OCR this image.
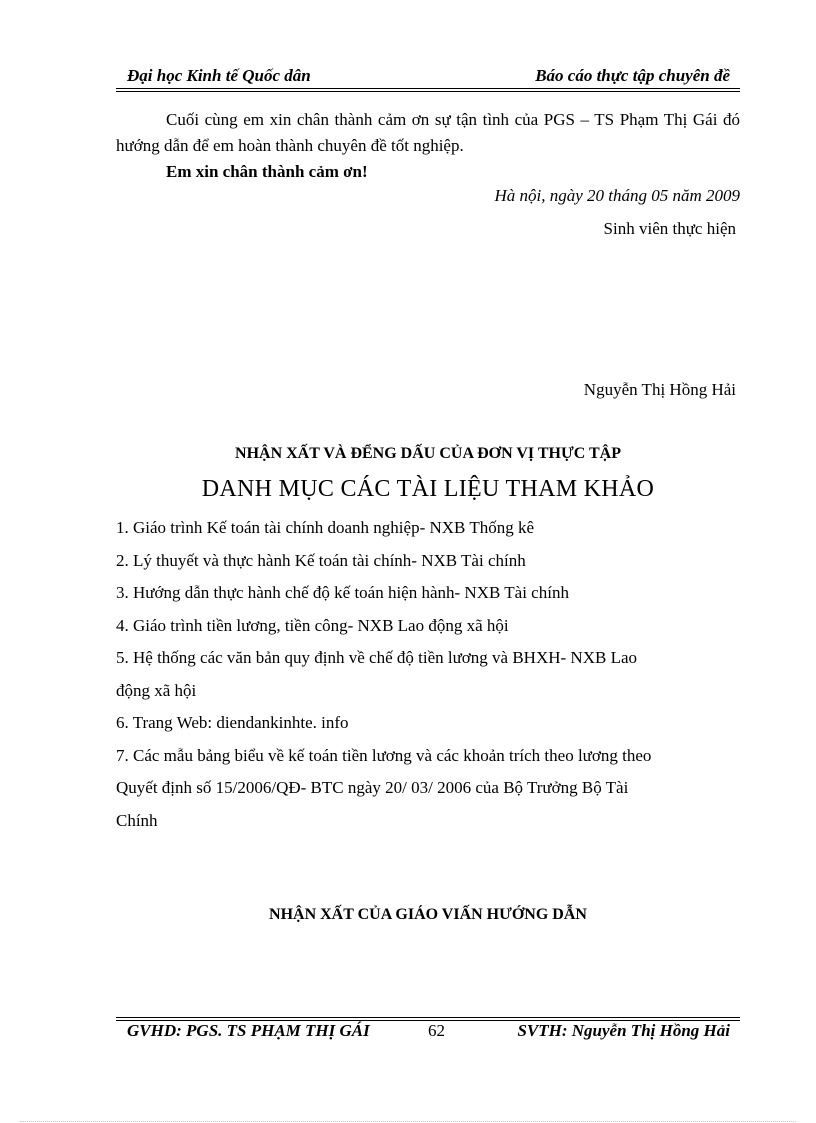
Đại học Kinh tế Quốc dân	Báo cáo thực tập chuyên đề
Cuối cùng em xin chân thành cảm ơn sự tận tình của PGS – TS Phạm Thị Gái đó hướng dẫn để em hoàn thành chuyên đề tốt nghiệp.
Em xin chân thành cảm ơn!
Hà nội, ngày 20 tháng 05 năm 2009
Sinh viên thực hiện
Nguyễn Thị Hồng Hải
NHẬN XẤT VÀ ĐỂNG DẤU CỦA ĐƠN VỊ THỰC TẬP
DANH MỤC CÁC TÀI LIỆU THAM KHẢO
1. Giáo trình Kế toán tài chính doanh nghiệp- NXB Thống kê
2. Lý thuyết và thực hành Kế toán tài chính- NXB Tài chính
3. Hướng dẫn thực hành chế độ kế toán hiện hành- NXB Tài chính
4. Giáo trình tiền lương, tiền công- NXB Lao động xã hội
5. Hệ thống các văn bản quy định về chế độ tiền lương và BHXH- NXB Lao
động xã hội
6. Trang Web: diendankinhte. info
7. Các mẫu bảng biểu về kế toán tiền lương và các khoản trích theo lương theo
Quyết định số 15/2006/QĐ- BTC ngày 20/ 03/ 2006 của Bộ Trưởng Bộ Tài
Chính
NHẬN XẤT CỦA GIÁO VIẤN HƯỚNG DẪN
GVHD: PGS. TS PHẠM THỊ GÁI	62	SVTH: Nguyễn Thị Hồng Hải
